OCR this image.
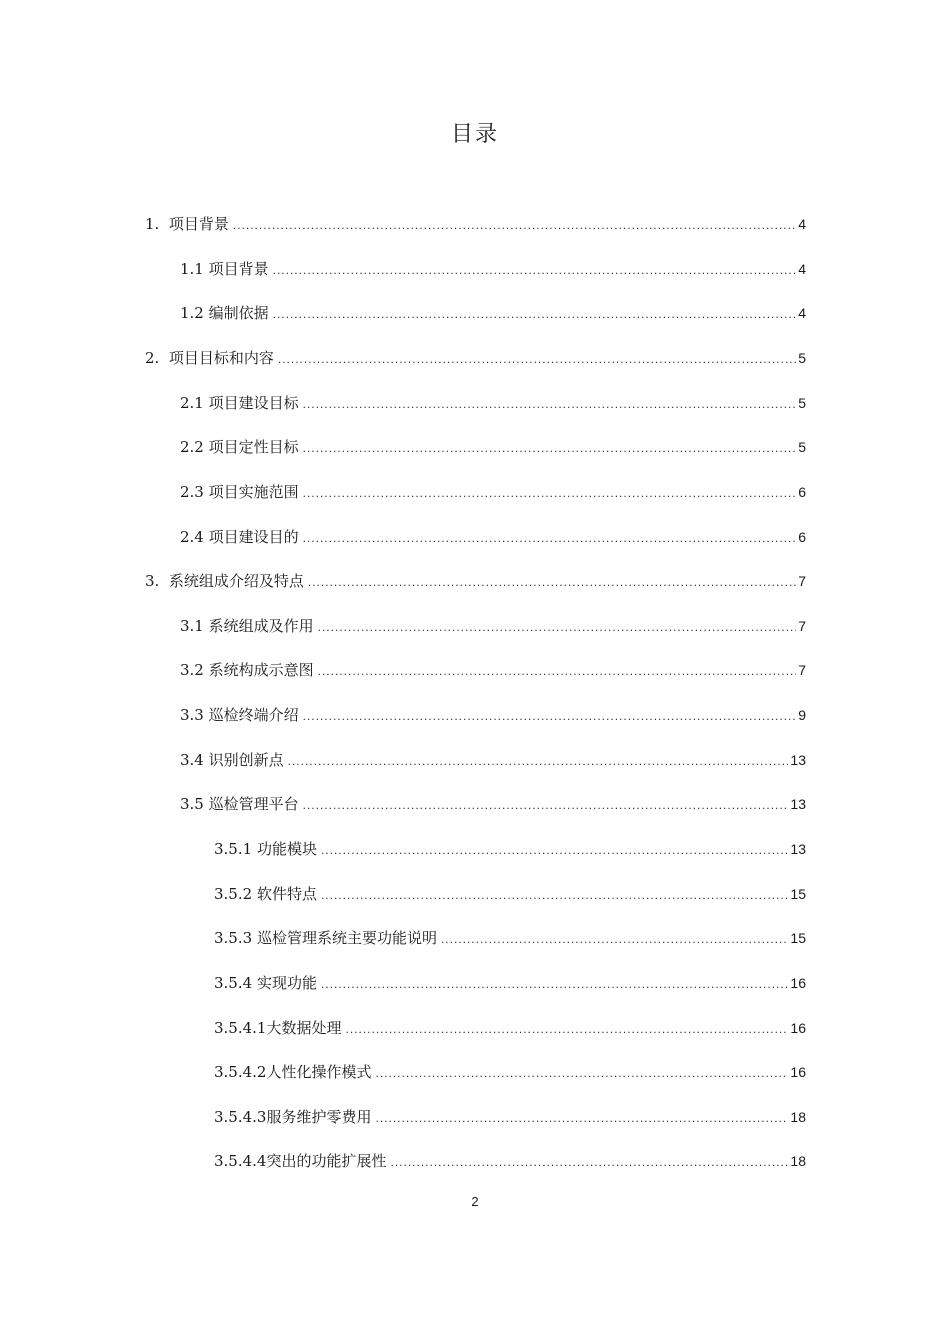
目录
1. 项目背景 .....	4
1.1 项目背景 .....	4
1.2 编制依据 .....	4
2. 项目目标和内容 .....	5
2.1 项目建设目标 .....	5
2.2 项目定性目标 .....	5
2.3 项目实施范围 .....	6
2.4 项目建设目的 .....	6
3. 系统组成介绍及特点 .....	7
3.1 系统组成及作用 .....	7
3.2 系统构成示意图 .....	7
3.3 巡检终端介绍 .....	9
3.4 识别创新点 .....	13
3.5 巡检管理平台 .....	13
3.5.1 功能模块 .....	13
3.5.2 软件特点 .....	15
3.5.3 巡检管理系统主要功能说明 .....	15
3.5.4 实现功能 .....	16
3.5.4.1 大数据处理 .....	16
3.5.4.2 人性化操作模式 .....	16
3.5.4.3 服务维护零费用 .....	18
3.5.4.4 突出的功能扩展性 .....	18
2
